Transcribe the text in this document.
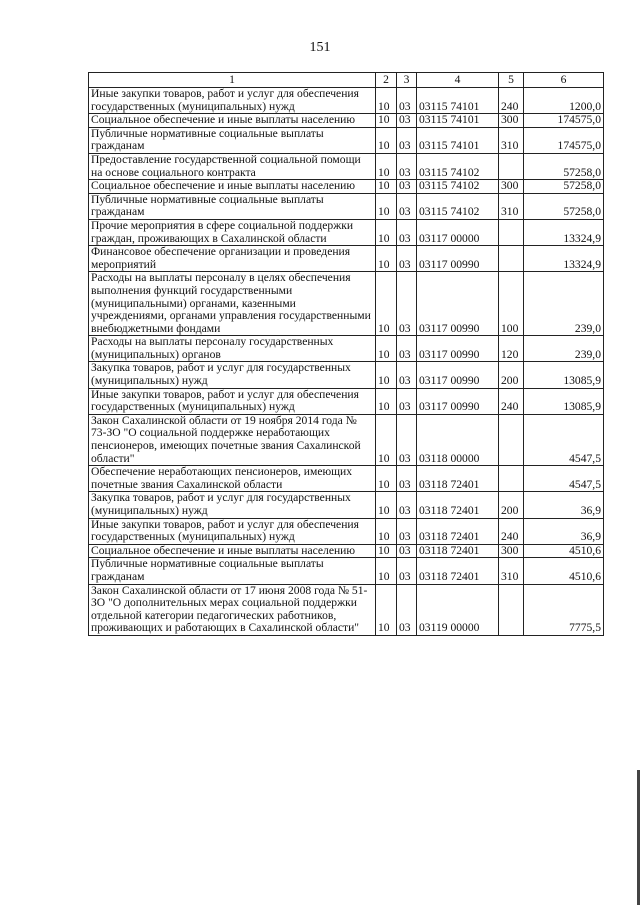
151
1	2	3	4	5	6
Иные закупки товаров, работ и услуг для обеспечения государственных (муниципальных) нужд	10	03	03115 74101	240	1200,0
Социальное обеспечение и иные выплаты населению	10	03	03115 74101	300	174575,0
Публичные нормативные социальные выплаты гражданам	10	03	03115 74101	310	174575,0
Предоставление государственной социальной помощи на основе социального контракта	10	03	03115 74102		57258,0
Социальное обеспечение и иные выплаты населению	10	03	03115 74102	300	57258,0
Публичные нормативные социальные выплаты гражданам	10	03	03115 74102	310	57258,0
Прочие мероприятия в сфере социальной поддержки граждан, проживающих в Сахалинской области	10	03	03117 00000		13324,9
Финансовое обеспечение организации и проведения мероприятий	10	03	03117 00990		13324,9
Расходы на выплаты персоналу в целях обеспечения выполнения функций государственными (муниципальными) органами, казенными учреждениями, органами управления государственными внебюджетными фондами	10	03	03117 00990	100	239,0
Расходы на выплаты персоналу государственных (муниципальных) органов	10	03	03117 00990	120	239,0
Закупка товаров, работ и услуг для государственных (муниципальных) нужд	10	03	03117 00990	200	13085,9
Иные закупки товаров, работ и услуг для обеспечения государственных (муниципальных) нужд	10	03	03117 00990	240	13085,9
Закон Сахалинской области от 19 ноября 2014 года № 73-ЗО "О социальной поддержке неработающих пенсионеров, имеющих почетные звания Сахалинской области"	10	03	03118 00000		4547,5
Обеспечение неработающих пенсионеров, имеющих почетные звания Сахалинской области	10	03	03118 72401		4547,5
Закупка товаров, работ и услуг для государственных (муниципальных) нужд	10	03	03118 72401	200	36,9
Иные закупки товаров, работ и услуг для обеспечения государственных (муниципальных) нужд	10	03	03118 72401	240	36,9
Социальное обеспечение и иные выплаты населению	10	03	03118 72401	300	4510,6
Публичные нормативные социальные выплаты гражданам	10	03	03118 72401	310	4510,6
Закон Сахалинской области от 17 июня 2008 года № 51-ЗО "О дополнительных мерах социальной поддержки отдельной категории педагогических работников, проживающих и работающих в Сахалинской области"	10	03	03119 00000		7775,5
